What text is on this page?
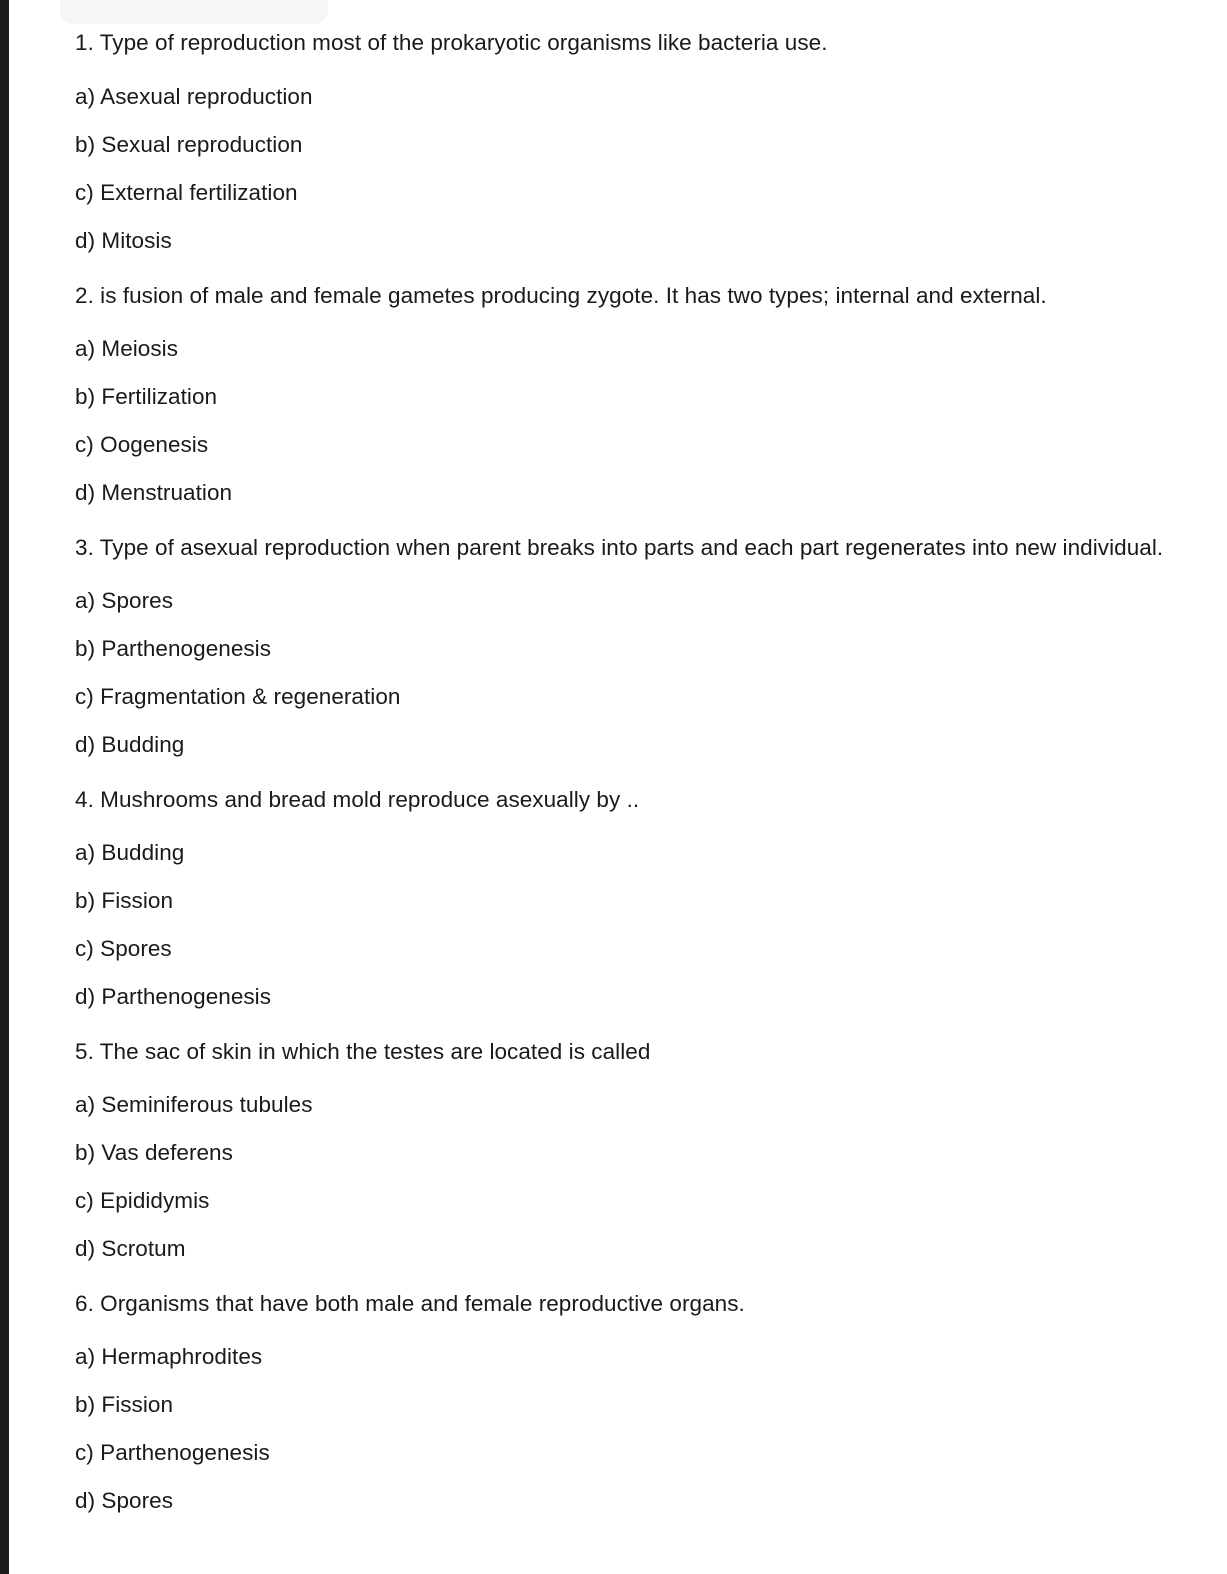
1. Type of reproduction most of the prokaryotic organisms like bacteria use.
a) Asexual reproduction
b) Sexual reproduction
c) External fertilization
d) Mitosis
2. is fusion of male and female gametes producing zygote. It has two types; internal and external.
a) Meiosis
b) Fertilization
c) Oogenesis
d) Menstruation
3. Type of asexual reproduction when parent breaks into parts and each part regenerates into new individual.
a) Spores
b) Parthenogenesis
c) Fragmentation & regeneration
d) Budding
4. Mushrooms and bread mold reproduce asexually by ..
a) Budding
b) Fission
c) Spores
d) Parthenogenesis
5. The sac of skin in which the testes are located is called
a) Seminiferous tubules
b) Vas deferens
c) Epididymis
d) Scrotum
6. Organisms that have both male and female reproductive organs.
a) Hermaphrodites
b) Fission
c) Parthenogenesis
d) Spores
